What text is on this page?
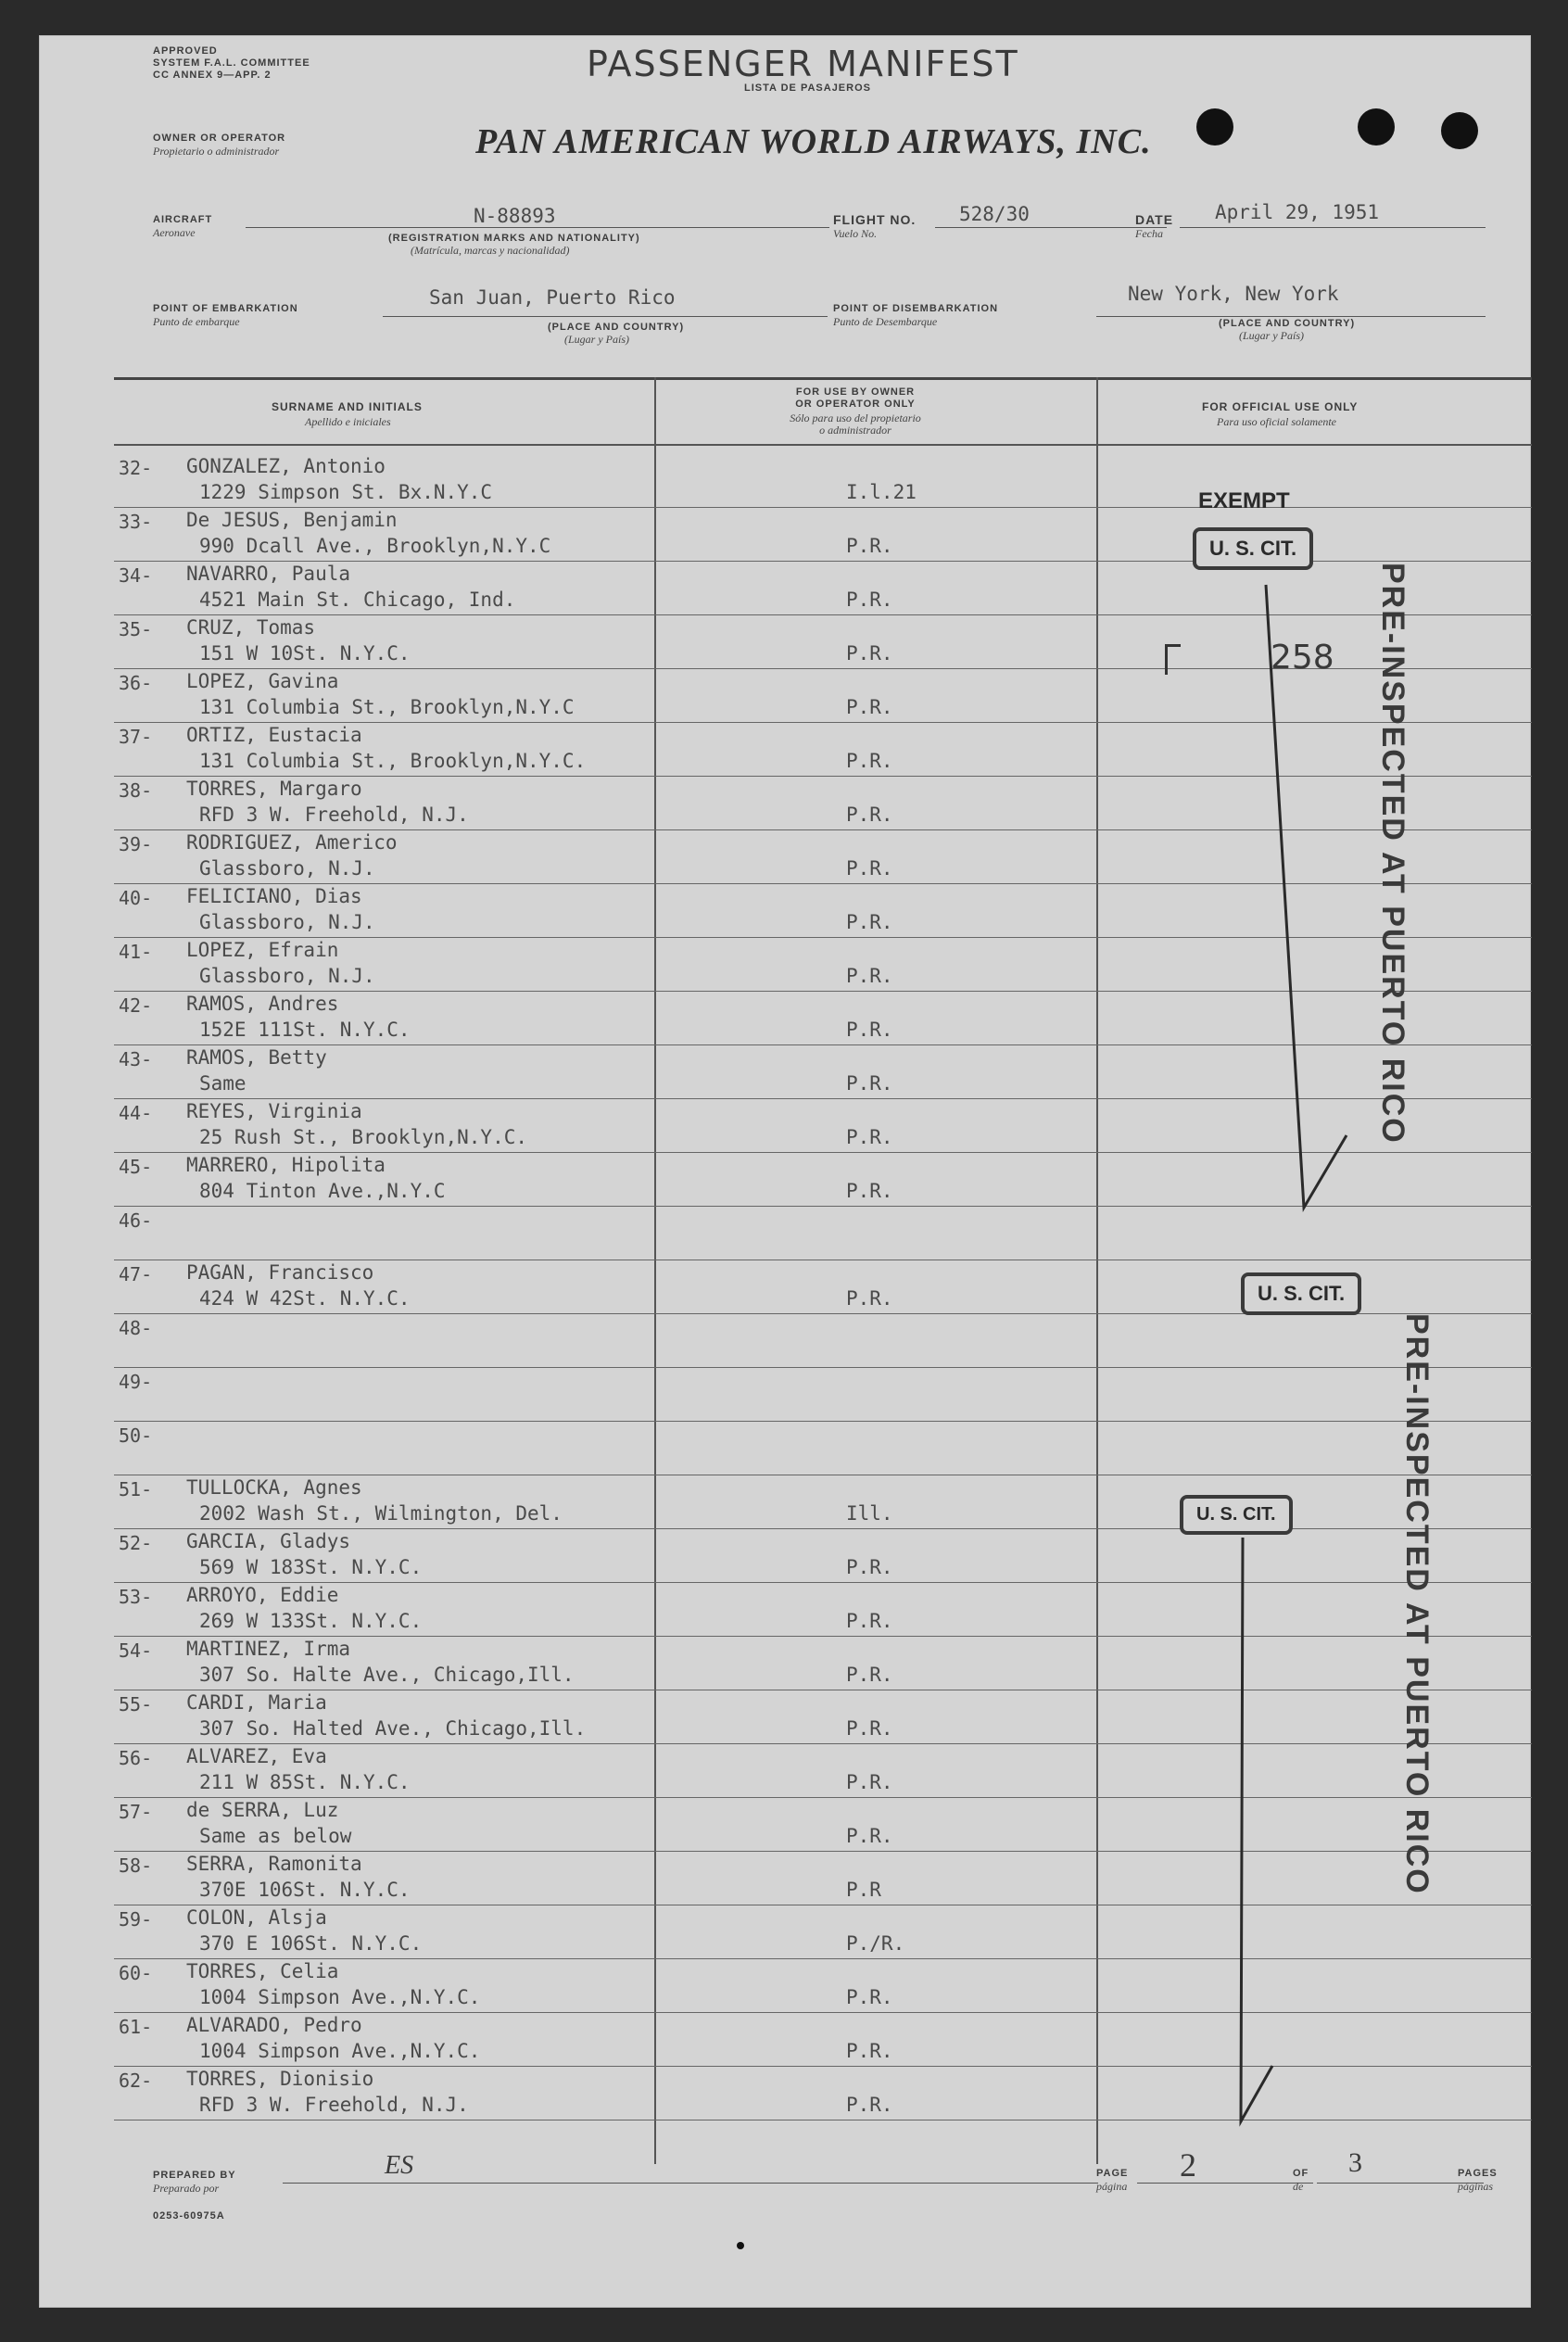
APPROVED
SYSTEM F.A.L. COMMITTEE
CC ANNEX 9—APP. 2	PASSENGER MANIFEST
LISTA DE PASAJEROS
OWNER OR OPERATOR
Propietario o administrador	PAN AMERICAN WORLD AIRWAYS, INC.
AIRCRAFT
Aeronave
N-88893
(REGISTRATION MARKS AND NATIONALITY)
(Matrícula, marcas y nacionalidad)
FLIGHT NO.
Vuelo No.
528/30	DATE
Fecha
April 29, 1951
POINT OF EMBARKATION
Punto de embarque
San Juan, Puerto Rico
(PLACE AND COUNTRY)
(Lugar y País)
POINT OF DISEMBARKATION
Punto de Desembarque
New York, New York
(PLACE AND COUNTRY)
(Lugar y País)
SURNAME AND INITIALS
Apellido e iniciales
FOR USE BY OWNER
OR OPERATOR ONLY
Sólo para uso del propietario
o administrador
FOR OFFICIAL USE ONLY
Para uso oficial solamente
32- GONZALEZ, Antonio
1229 Simpson St. Bx.N.Y.C	I.l.21
33- De JESUS, Benjamin
990 Dcall Ave., Brooklyn,N.Y.C	P.R.
34- NAVARRO, Paula
4521 Main St. Chicago, Ind.	P.R.
35- CRUZ, Tomas
151 W 10St. N.Y.C.	P.R.
36- LOPEZ, Gavina
131 Columbia St., Brooklyn,N.Y.C	P.R.
37- ORTIZ, Eustacia
131 Columbia St., Brooklyn,N.Y.C.	P.R.
38- TORRES, Margaro
RFD 3 W. Freehold, N.J.	P.R.
39- RODRIGUEZ, Americo
Glassboro, N.J.	P.R.
40- FELICIANO, Dias
Glassboro, N.J.	P.R.
41- LOPEZ, Efrain
Glassboro, N.J.	P.R.
42- RAMOS, Andres
152E 111St. N.Y.C.	P.R.
43- RAMOS, Betty
Same	P.R.
44- REYES, Virginia
25 Rush St., Brooklyn,N.Y.C.	P.R.
45- MARRERO, Hipolita
804 Tinton Ave.,N.Y.C	P.R.
46-
47- PAGAN, Francisco
424 W 42St. N.Y.C.	P.R.
48-
49-
50-
51- TULLOCKA, Agnes
2002 Wash St., Wilmington, Del.	Ill.
52- GARCIA, Gladys
569 W 183St. N.Y.C.	P.R.
53- ARROYO, Eddie
269 W 133St. N.Y.C.	P.R.
54- MARTINEZ, Irma
307 So. Halte Ave., Chicago,Ill.	P.R.
55- CARDI, Maria
307 So. Halted Ave., Chicago,Ill.	P.R.
56- ALVAREZ, Eva
211 W 85St. N.Y.C.	P.R.
57- de SERRA, Luz
Same as below	P.R.
58- SERRA, Ramonita
370E 106St. N.Y.C.	P.R
59- COLON, Alsja
370 E 106St. N.Y.C.	P./R.
60- TORRES, Celia
1004 Simpson Ave.,N.Y.C.	P.R.
61- ALVARADO, Pedro
1004 Simpson Ave.,N.Y.C.	P.R.
62- TORRES, Dionisio
RFD 3 W. Freehold, N.J.	P.R.
EXEMPT
U. S. CIT.
258 PRE-INSPECTED AT PUERTO RICO
U. S. CIT.
PRE-INSPECTED AT PUERTO RICO
U. S. CIT.
PREPARED BY
Preparado por
ES	PAGE
página
2	OF
de
3	PAGES
páginas
0253-60975A
